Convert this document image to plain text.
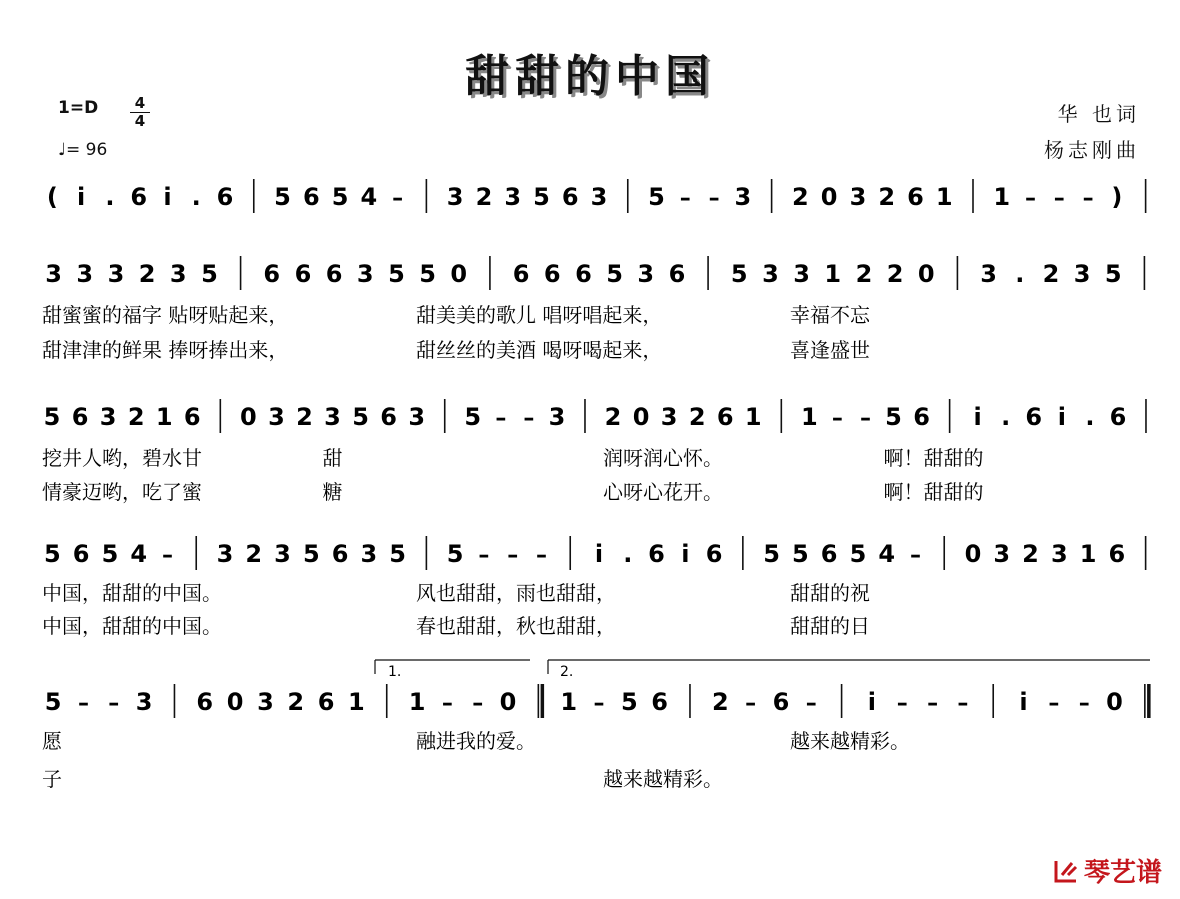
甜甜的中国
1=D	4
4
♩= 96
华 也词
杨志刚曲
( i . 6 i . 6 5 6 5 4 – 3 2 3 5 6 3 5 – – 3 2 0 3 2 6 1 1 – – – )
3 3 3 2 3 5 6 6 6 3 5 5 0 6 6 6 5 3 6 5 3 3 1 2 2 0 3 . 2 3 5
5 6 3 2 1 6 0 3 2 3 5 6 3 5 – – 3 2 0 3 2 6 1 1 – – 5 6 i . 6 i . 6
5 6 5 4 – 3 2 3 5 6 3 5 5 – – – i . 6 i 6 5 5 6 5 4 – 0 3 2 3 1 6
5 – – 3 6 0 3 2 6 1 1 – – 0 1 – 5 6 2 – 6 – i – – – i – – 0
甜蜜蜜的福字 贴呀贴起来，	甜美美的歌儿 唱呀唱起来，	幸福不忘
甜津津的鲜果 捧呀捧出来，	甜丝丝的美酒 喝呀喝起来，	喜逢盛世
挖井人哟，碧水甘	甜	润呀润心怀。	啊！甜甜的
情豪迈哟，吃了蜜	糖	心呀心花开。	啊！甜甜的
中国，甜甜的中国。	风也甜甜，雨也甜甜，	甜甜的祝
中国，甜甜的中国。	春也甜甜，秋也甜甜，	甜甜的日
愿	融进我的爱。	越来越精彩。
子	越来越精彩。
1.	2.
琴艺谱
